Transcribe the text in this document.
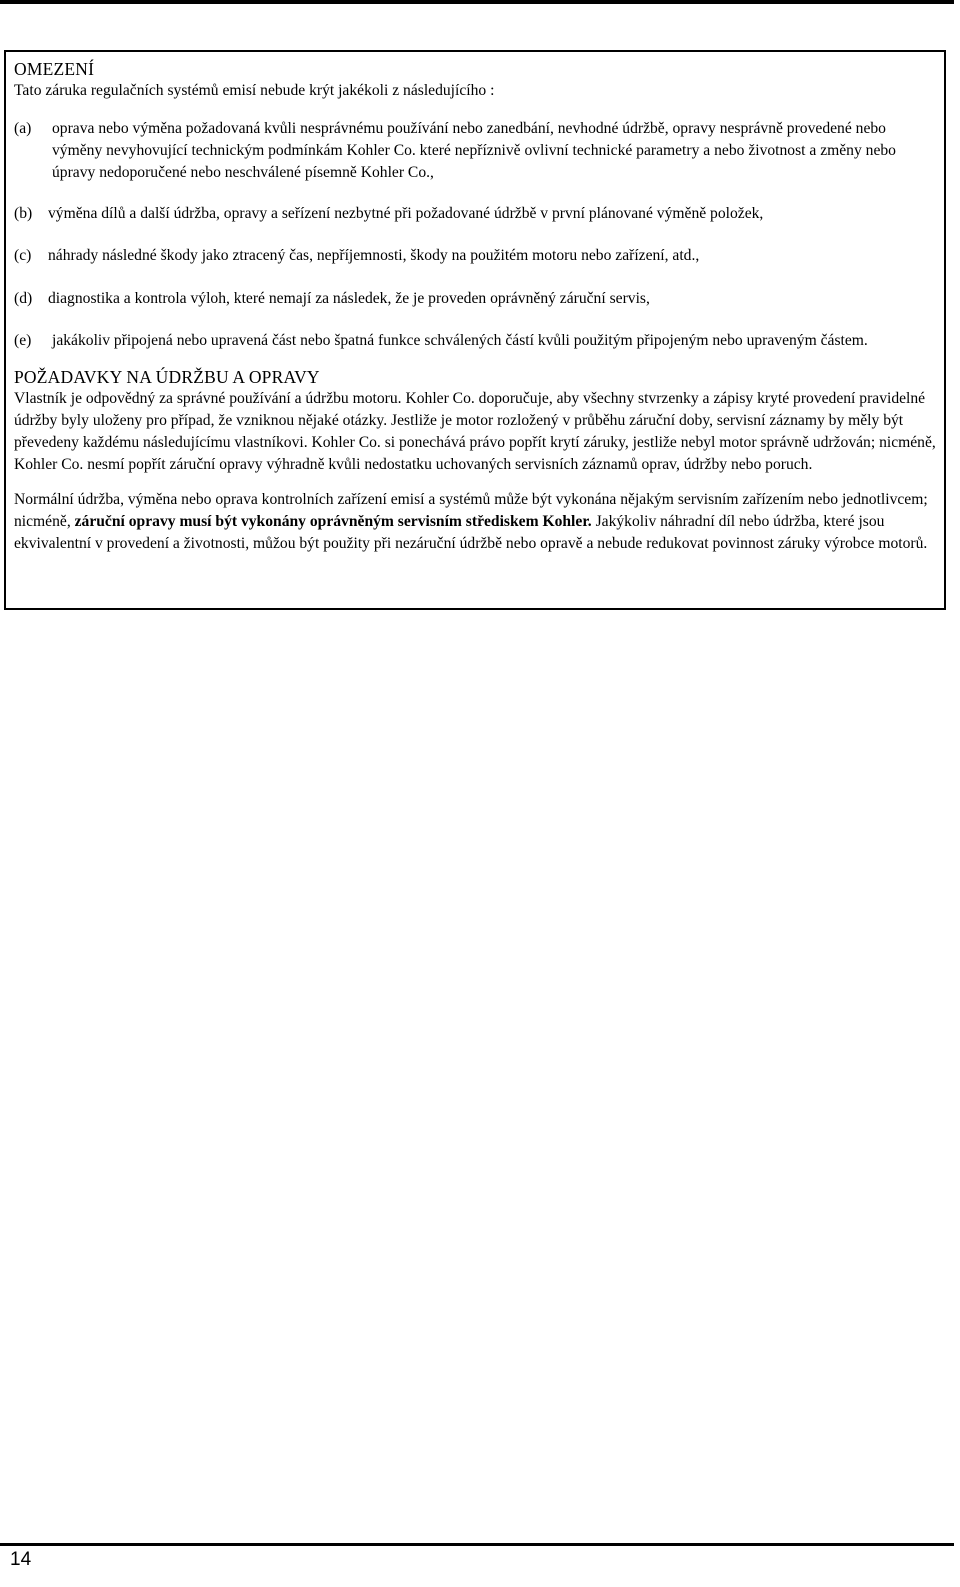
OMEZENÍ

Tato záruka regulačních systémů emisí nebude krýt jakékoli z následujícího :

(a)	oprava nebo výměna požadovaná kvůli nesprávnému používání nebo zanedbání, nevhodné údržbě, opravy nesprávně provedené nebo výměny nevyhovující technickým podmínkám Kohler Co. které nepříznivě ovlivní technické parametry a nebo životnost a změny nebo úpravy nedoporučené nebo neschválené písemně Kohler Co.,
(b)	výměna dílů a další údržba, opravy a seřízení nezbytné při požadované údržbě v první plánované výměně položek,
(c)	náhrady následné škody jako ztracený čas, nepříjemnosti, škody na použitém motoru nebo zařízení, atd.,
(d)	diagnostika a kontrola výloh, které nemají za následek, že je proveden oprávněný záruční servis,
(e)	jakákoliv připojená nebo upravená část nebo špatná funkce schválených částí kvůli použitým připojeným nebo upraveným částem.
POŽADAVKY NA ÚDRŽBU A OPRAVY

Vlastník je odpovědný za správné používání a údržbu motoru. Kohler Co. doporučuje, aby všechny stvrzenky a zápisy kryté provedení pravidelné údržby byly uloženy pro případ, že vzniknou nějaké otázky. Jestliže je motor rozložený v průběhu záruční doby, servisní záznamy by měly být převedeny každému následujícímu vlastníkovi. Kohler Co. si ponechává právo popřít krytí záruky, jestliže nebyl motor správně udržován; nicméně, Kohler Co. nesmí popřít záruční opravy výhradně kvůli nedostatku uchovaných servisních záznamů oprav, údržby nebo poruch.

Normální údržba, výměna nebo oprava kontrolních zařízení emisí a systémů může být vykonána nějakým servisním zařízením nebo jednotlivcem; nicméně, záruční opravy musí být vykonány oprávněným servisním střediskem Kohler. Jakýkoliv náhradní díl nebo údržba, které jsou ekvivalentní v provedení a životnosti, můžou být použity při nezáruční údržbě nebo opravě a nebude redukovat povinnost záruky výrobce motorů.

14
